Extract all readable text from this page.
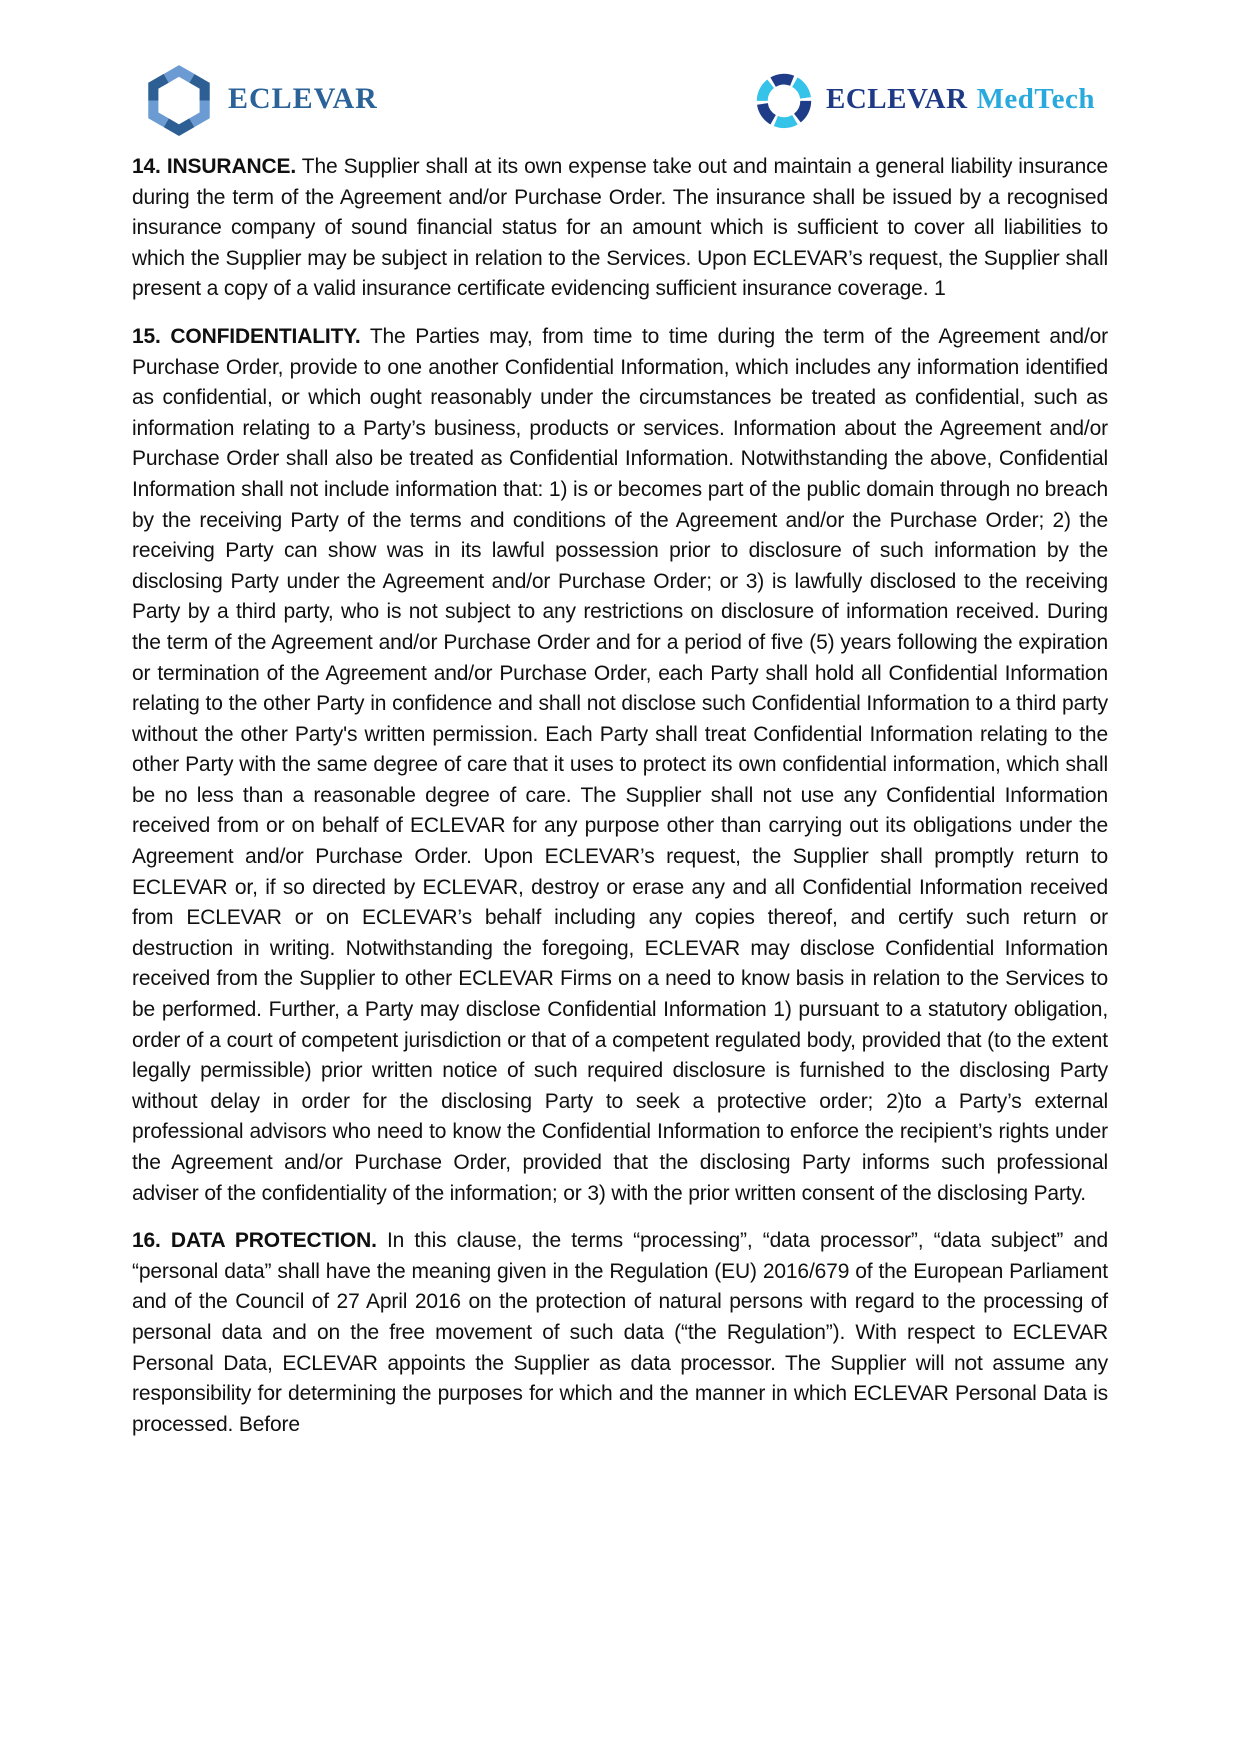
ECLEVAR	ECLEVAR MedTech

14. INSURANCE. The Supplier shall at its own expense take out and maintain a general liability insurance during the term of the Agreement and/or Purchase Order. The insurance shall be issued by a recognised insurance company of sound financial status for an amount which is sufficient to cover all liabilities to which the Supplier may be subject in relation to the Services. Upon ECLEVAR’s request, the Supplier shall present a copy of a valid insurance certificate evidencing sufficient insurance coverage. 1

15. CONFIDENTIALITY. The Parties may, from time to time during the term of the Agreement and/or Purchase Order, provide to one another Confidential Information, which includes any information identified as confidential, or which ought reasonably under the circumstances be treated as confidential, such as information relating to a Party’s business, products or services. Information about the Agreement and/or Purchase Order shall also be treated as Confidential Information. Notwithstanding the above, Confidential Information shall not include information that: 1) is or becomes part of the public domain through no breach by the receiving Party of the terms and conditions of the Agreement and/or the Purchase Order; 2) the receiving Party can show was in its lawful possession prior to disclosure of such information by the disclosing Party under the Agreement and/or Purchase Order; or 3) is lawfully disclosed to the receiving Party by a third party, who is not subject to any restrictions on disclosure of information received. During the term of the Agreement and/or Purchase Order and for a period of five (5) years following the expiration or termination of the Agreement and/or Purchase Order, each Party shall hold all Confidential Information relating to the other Party in confidence and shall not disclose such Confidential Information to a third party without the other Party's written permission. Each Party shall treat Confidential Information relating to the other Party with the same degree of care that it uses to protect its own confidential information, which shall be no less than a reasonable degree of care. The Supplier shall not use any Confidential Information received from or on behalf of ECLEVAR for any purpose other than carrying out its obligations under the Agreement and/or Purchase Order. Upon ECLEVAR’s request, the Supplier shall promptly return to ECLEVAR or, if so directed by ECLEVAR, destroy or erase any and all Confidential Information received from ECLEVAR or on ECLEVAR’s behalf including any copies thereof, and certify such return or destruction in writing. Notwithstanding the foregoing, ECLEVAR may disclose Confidential Information received from the Supplier to other ECLEVAR Firms on a need to know basis in relation to the Services to be performed. Further, a Party may disclose Confidential Information 1) pursuant to a statutory obligation, order of a court of competent jurisdiction or that of a competent regulated body, provided that (to the extent legally permissible) prior written notice of such required disclosure is furnished to the disclosing Party without delay in order for the disclosing Party to seek a protective order; 2)to a Party’s external professional advisors who need to know the Confidential Information to enforce the recipient’s rights under the Agreement and/or Purchase Order, provided that the disclosing Party informs such professional adviser of the confidentiality of the information; or 3) with the prior written consent of the disclosing Party.

16. DATA PROTECTION. In this clause, the terms “processing”, “data processor”, “data subject” and “personal data” shall have the meaning given in the Regulation (EU) 2016/679 of the European Parliament and of the Council of 27 April 2016 on the protection of natural persons with regard to the processing of personal data and on the free movement of such data (“the Regulation”). With respect to ECLEVAR Personal Data, ECLEVAR appoints the Supplier as data processor. The Supplier will not assume any responsibility for determining the purposes for which and the manner in which ECLEVAR Personal Data is processed. Before
